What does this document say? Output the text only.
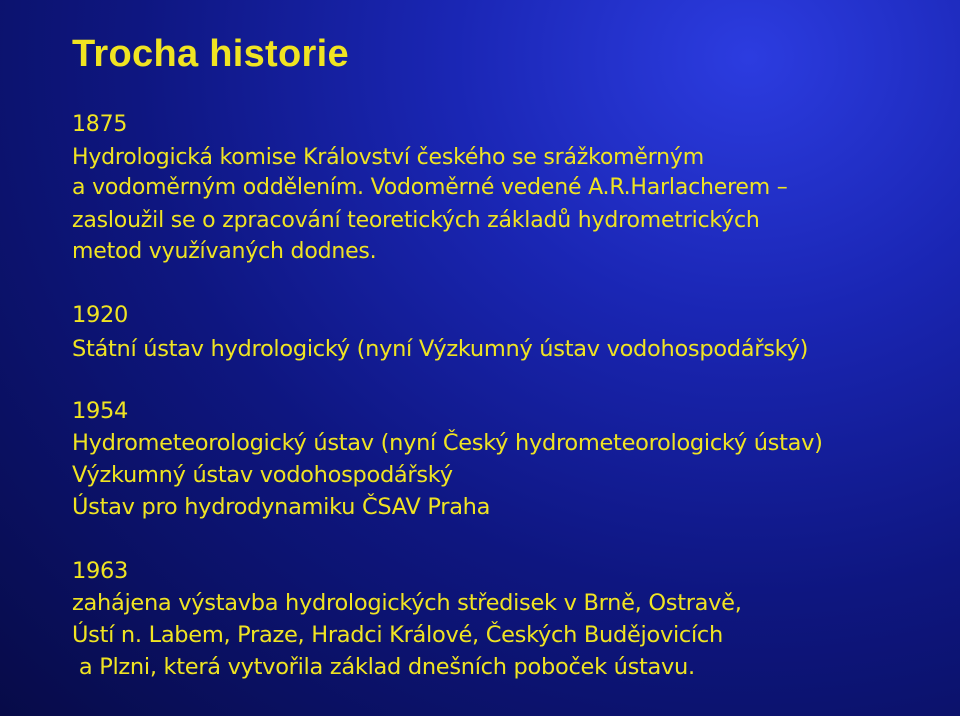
Trocha historie
1875
Hydrologická komise Království českého se srážkoměrným
a vodoměrným oddělením. Vodoměrné vedené A.R.Harlacherem –
zasloužil se o zpracování teoretických základů hydrometrických
metod využívaných dodnes.
1920
Státní ústav hydrologický (nyní Výzkumný ústav vodohospodářský)
1954
Hydrometeorologický ústav (nyní Český hydrometeorologický ústav)
Výzkumný ústav vodohospodářský
Ústav pro hydrodynamiku ČSAV Praha
1963
zahájena výstavba hydrologických středisek v Brně, Ostravě,
Ústí n. Labem, Praze, Hradci Králové, Českých Budějovicích
a Plzni, která vytvořila základ dnešních poboček ústavu.
